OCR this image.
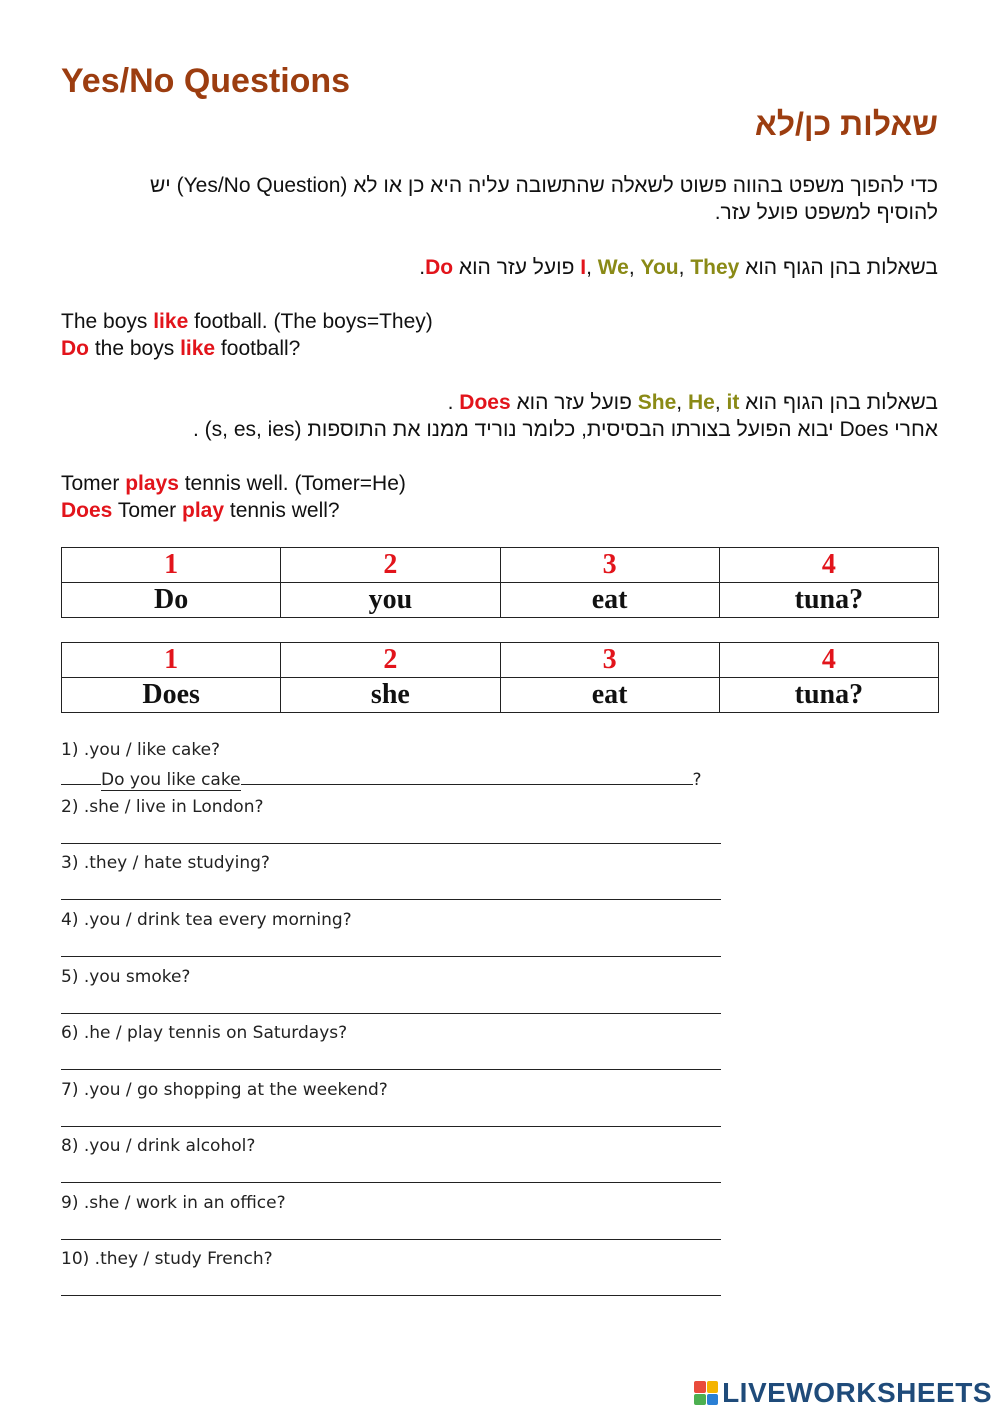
Yes/No Questions
שאלות כן/לא
כדי להפוך משפט בהווה פשוט לשאלה שהתשובה עליה היא כן או לא (Yes/No Question) יש
להוסיף למשפט פועל עזר.
בשאלות בהן הגוף הוא I, We, You, They פועל עזר הוא Do.
The boys like football. (The boys=They)
Do the boys like football?
בשאלות בהן הגוף הוא She, He, it פועל עזר הוא Does .
אחרי Does יבוא הפועל בצורתו הבסיסית, כלומר נוריד ממנו את התוספות (s, es, ies) .
Tomer plays tennis well. (Tomer=He)
Does Tomer play tennis well?
1	2	3	4
Do	you	eat	tuna?
1	2	3	4
Does	she	eat	tuna?
1) .you / like cake?
Do you like cake	?
2) .she / live in London?
3) .they / hate studying?
4) .you / drink tea every morning?
5) .you smoke?
6) .he / play tennis on Saturdays?
7) .you / go shopping at the weekend?
8) .you / drink alcohol?
9) .she / work in an office?
10) .they / study French?
LIVEWORKSHEETS
